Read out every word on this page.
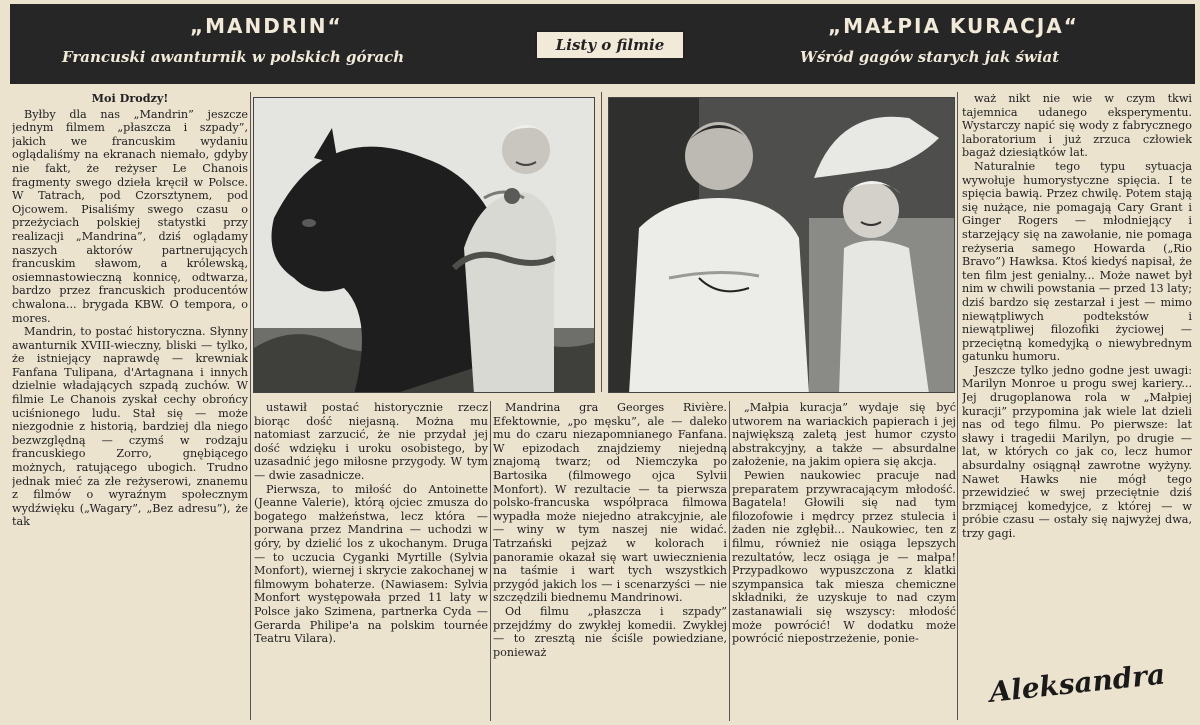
„MANDRIN“
Francuski awanturnik w polskich górach
Listy o filmie
„MAŁPIA KURACJA“
Wśród gagów starych jak świat

Moi Drodzy!

Byłby dla nas „Mandrin” jeszcze jednym filmem „płaszcza i szpady”, jakich we francuskim wydaniu oglądaliśmy na ekranach niemało, gdyby nie fakt, że reżyser Le Chanois fragmenty swego dzieła kręcił w Polsce. W Tatrach, pod Czorsztynem, pod Ojcowem. Pisaliśmy swego czasu o przeżyciach polskiej statystki przy realizacji „Mandrina”, dziś oglądamy naszych aktorów partnerujących francuskim sławom, a królewską, osiemnastowieczną konnicę, odtwarza, bardzo przez francuskich producentów chwalona... brygada KBW. O tempora, o mores.

Mandrin, to postać historyczna. Słynny awanturnik XVIII-wieczny, bliski — tylko, że istniejący naprawdę — krewniak Fanfana Tulipana, d'Artagnana i innych dzielnie władających szpadą zuchów. W filmie Le Chanois zyskał cechy obrońcy uciśnionego ludu. Stał się — może niezgodnie z historią, bardziej dla niego bezwzględną — czymś w rodzaju francuskiego Zorro, gnębiącego możnych, ratującego ubogich. Trudno jednak mieć za złe reżyserowi, znanemu z filmów o wyraźnym społecznym wydźwięku („Wagary”, „Bez adresu”), że tak

ustawił postać historycznie rzecz biorąc dość niejasną. Można mu natomiast zarzucić, że nie przydał jej dość wdzięku i uroku osobistego, by uzasadnić jego miłosne przygody. W tym — dwie zasadnicze.

Pierwsza, to miłość do Antoinette (Jeanne Valerie), którą ojciec zmusza do bogatego małżeństwa, lecz która — porwana przez Mandrina — uchodzi w góry, by dzielić los z ukochanym. Druga — to uczucia Cyganki Myrtille (Sylvia Monfort), wiernej i skrycie zakochanej w filmowym bohaterze. (Nawiasem: Sylvia Monfort występowała przed 11 laty w Polsce jako Szimena, partnerka Cyda — Gerarda Philipe'a na polskim tournée Teatru Vilara).

Mandrina gra Georges Rivière. Efektownie, „po męsku”, ale — daleko mu do czaru niezapomnianego Fanfana. W epizodach znajdziemy niejedną znajomą twarz; od Niemczyka po Bartosika (filmowego ojca Sylvii Monfort). W rezultacie — ta pierwsza polsko-francuska współpraca filmowa wypadła może niejedno atrakcyjnie, ale — winy w tym naszej nie widać. Tatrzański pejzaż w kolorach i panoramie okazał się wart uwiecznienia na taśmie i wart tych wszystkich przygód jakich los — i scenarzyści — nie szczędzili biednemu Mandrinowi.

Od filmu „płaszcza i szpady” przejdźmy do zwykłej komedii. Zwykłej — to zresztą nie ściśle powiedziane, ponieważ

„Małpia kuracja” wydaje się być utworem na wariackich papierach i jej największą zaletą jest humor czysto abstrakcyjny, a także — absurdalne założenie, na jakim opiera się akcja.

Pewien naukowiec pracuje nad preparatem przywracającym młodość. Bagatela! Głowili się nad tym filozofowie i mędrcy przez stulecia i żaden nie zgłębił... Naukowiec, ten z filmu, również nie osiąga lepszych rezultatów, lecz osiąga je — małpa! Przypadkowo wypuszczona z klatki szympansica tak miesza chemiczne składniki, że uzyskuje to nad czym zastanawiali się wszyscy: młodość może powrócić! W dodatku może powrócić niepostrzeżenie, ponie-

waż nikt nie wie w czym tkwi tajemnica udanego eksperymentu. Wystarczy napić się wody z fabrycznego laboratorium i już zrzuca człowiek bagaż dziesiątków lat.

Naturalnie tego typu sytuacja wywołuje humorystyczne spięcia. I te spięcia bawią. Przez chwilę. Potem stają się nużące, nie pomagają Cary Grant i Ginger Rogers — młodniejący i starzejący się na zawołanie, nie pomaga reżyseria samego Howarda („Rio Bravo”) Hawksa. Ktoś kiedyś napisał, że ten film jest genialny... Może nawet był nim w chwili powstania — przed 13 laty; dziś bardzo się zestarzał i jest — mimo niewątpliwych podtekstów i niewątpliwej filozofiki życiowej — przeciętną komedyjką o niewybrednym gatunku humoru.

Jeszcze tylko jedno godne jest uwagi: Marilyn Monroe u progu swej kariery... Jej drugoplanowa rola w „Małpiej kuracji” przypomina jak wiele lat dzieli nas od tego filmu. Po pierwsze: lat sławy i tragedii Marilyn, po drugie — lat, w których co jak co, lecz humor absurdalny osiągnął zawrotne wyżyny. Nawet Hawks nie mógł tego przewidzieć w swej przeciętnie dziś brzmiącej komedyjce, z której — w próbie czasu — ostały się najwyżej dwa, trzy gagi.

Aleksandra
